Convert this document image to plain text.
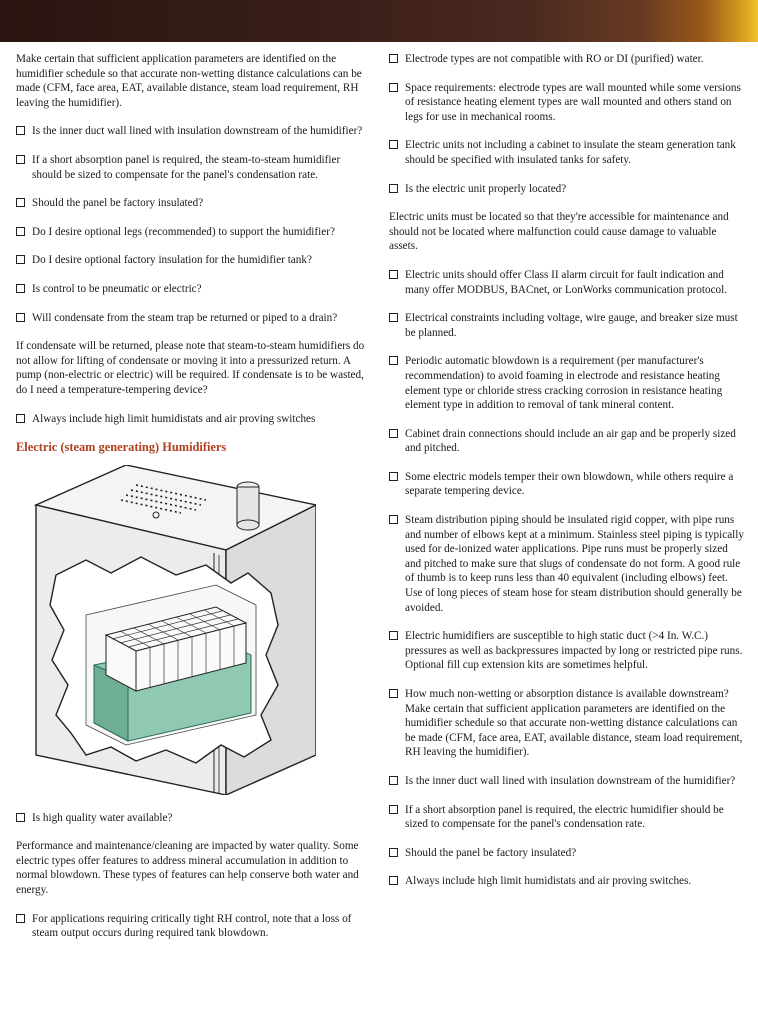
Make certain that sufficient application parameters are identified on the humidifier schedule so that accurate non-wetting distance calculations can be made (CFM, face area, EAT, available distance, steam load requirement, RH leaving the humidifier).

Is the inner duct wall lined with insulation downstream of the humidifier?
If a short absorption panel is required, the steam-to-steam humidifier should be sized to compensate for the panel's condensation rate.
Should the panel be factory insulated?
Do I desire optional legs (recommended) to support the humidifier?
Do I desire optional factory insulation for the humidifier tank?
Is control to be pneumatic or electric?
Will condensate from the steam trap be returned or piped to a drain?

If condensate will be returned, please note that steam-to-steam humidifiers do not allow for lifting of condensate or moving it into a pressurized return. A pump (non-electric or electric) will be required. If condensate is to be wasted, do I need a temperature-tempering device?

Always include high limit humidistats and air proving switches
Electric (steam generating) Humidifiers
Is high quality water available?

Performance and maintenance/cleaning are impacted by water quality. Some electric types offer features to address mineral accumulation in addition to normal blowdown. These types of features can help conserve both water and energy.

For applications requiring critically tight RH control, note that a loss of steam output occurs during required tank blowdown.
Electrode types are not compatible with RO or DI (purified) water.
Space requirements: electrode types are wall mounted while some versions of resistance heating element types are wall mounted and others stand on legs for use in mechanical rooms.
Electric units not including a cabinet to insulate the steam generation tank should be specified with insulated tanks for safety.
Is the electric unit properly located?

Electric units must be located so that they're accessible for maintenance and should not be located where malfunction could cause damage to valuable assets.

Electric units should offer Class II alarm circuit for fault indication and many offer MODBUS, BACnet, or LonWorks communication protocol.
Electrical constraints including voltage, wire gauge, and breaker size must be planned.
Periodic automatic blowdown is a requirement (per manufacturer's recommendation) to avoid foaming in electrode and resistance heating element type or chloride stress cracking corrosion in resistance heating element type in addition to removal of tank mineral content.
Cabinet drain connections should include an air gap and be properly sized and pitched.
Some electric models temper their own blowdown, while others require a separate tempering device.
Steam distribution piping should be insulated rigid copper, with pipe runs and number of elbows kept at a minimum. Stainless steel piping is typically used for de-ionized water applications. Pipe runs must be properly sized and pitched to make sure that slugs of condensate do not form. A good rule of thumb is to keep runs less than 40 equivalent (including elbows) feet. Use of long pieces of steam hose for steam distribution should generally be avoided.
Electric humidifiers are susceptible to high static duct (>4 In. W.C.) pressures as well as backpressures impacted by long or restricted pipe runs. Optional fill cup extension kits are sometimes helpful.
How much non-wetting or absorption distance is available downstream? Make certain that sufficient application parameters are identified on the humidifier schedule so that accurate non-wetting distance calculations can be made (CFM, face area, EAT, available distance, steam load requirement, RH leaving the humidifier).
Is the inner duct wall lined with insulation downstream of the humidifier?
If a short absorption panel is required, the electric humidifier should be sized to compensate for the panel's condensation rate.
Should the panel be factory insulated?
Always include high limit humidistats and air proving switches.
